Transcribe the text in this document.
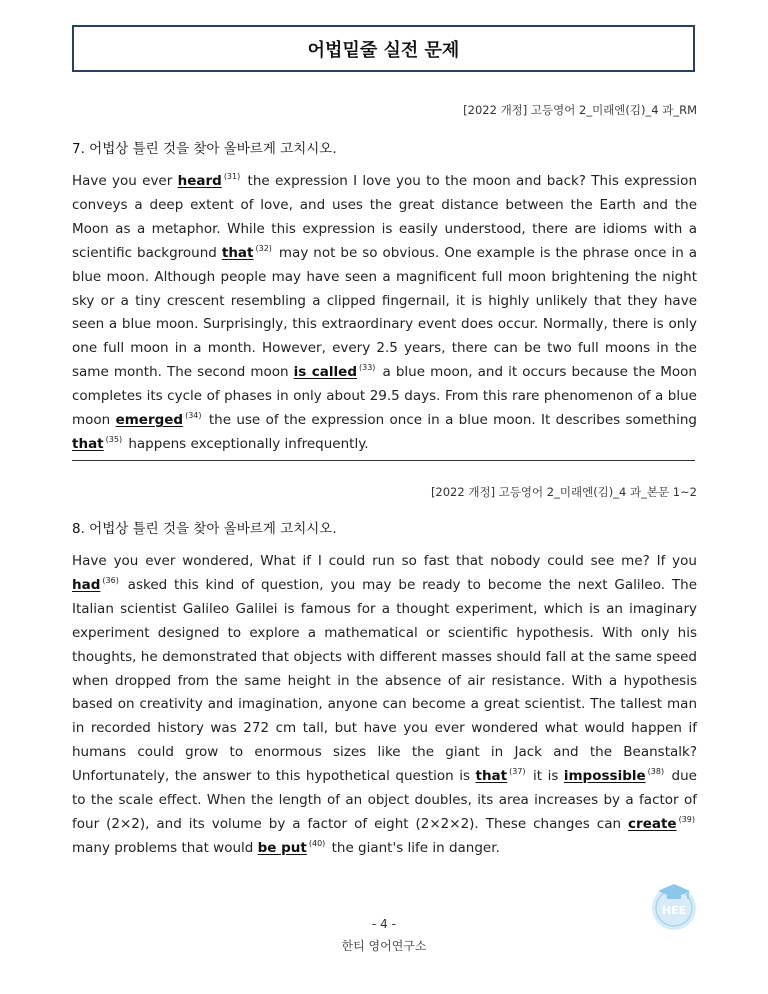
어법밑줄 실전 문제
[2022 개정] 고등영어 2_미래엔(김)_4 과_RM
7. 어법상 틀린 것을 찾아 올바르게 고치시오.

Have you ever heard $^{(31)}$ the expression I love you to the moon and back? This expression conveys a deep extent of love, and uses the great distance between the Earth and the Moon as a metaphor. While this expression is easily understood, there are idioms with a scientific background that $^{(32)}$ may not be so obvious. One example is the phrase once in a blue moon. Although people may have seen a magnificent full moon brightening the night sky or a tiny crescent resembling a clipped fingernail, it is highly unlikely that they have seen a blue moon. Surprisingly, this extraordinary event does occur. Normally, there is only one full moon in a month. However, every 2.5 years, there can be two full moons in the same month. The second moon is called $^{(33)}$ a blue moon, and it occurs because the Moon completes its cycle of phases in only about 29.5 days. From this rare phenomenon of a blue moon emerged $^{(34)}$ the use of the expression once in a blue moon. It describes something that $^{(35)}$ happens exceptionally infrequently.

[2022 개정] 고등영어 2_미래엔(김)_4 과_본문 1~2
8. 어법상 틀린 것을 찾아 올바르게 고치시오.

Have you ever wondered, What if I could run so fast that nobody could see me? If you had $^{(36)}$ asked this kind of question, you may be ready to become the next Galileo. The Italian scientist Galileo Galilei is famous for a thought experiment, which is an imaginary experiment designed to explore a mathematical or scientific hypothesis. With only his thoughts, he demonstrated that objects with different masses should fall at the same speed when dropped from the same height in the absence of air resistance. With a hypothesis based on creativity and imagination, anyone can become a great scientist. The tallest man in recorded history was 272 cm tall, but have you ever wondered what would happen if humans could grow to enormous sizes like the giant in Jack and the Beanstalk? Unfortunately, the answer to this hypothetical question is that $^{(37)}$ it is impossible $^{(38)}$ due to the scale effect. When the length of an object doubles, its area increases by a factor of four (2×2), and its volume by a factor of eight (2×2×2). These changes can create $^{(39)}$ many problems that would be put $^{(40)}$ the giant's life in danger.

- 4 -
한티 영어연구소
HEE
